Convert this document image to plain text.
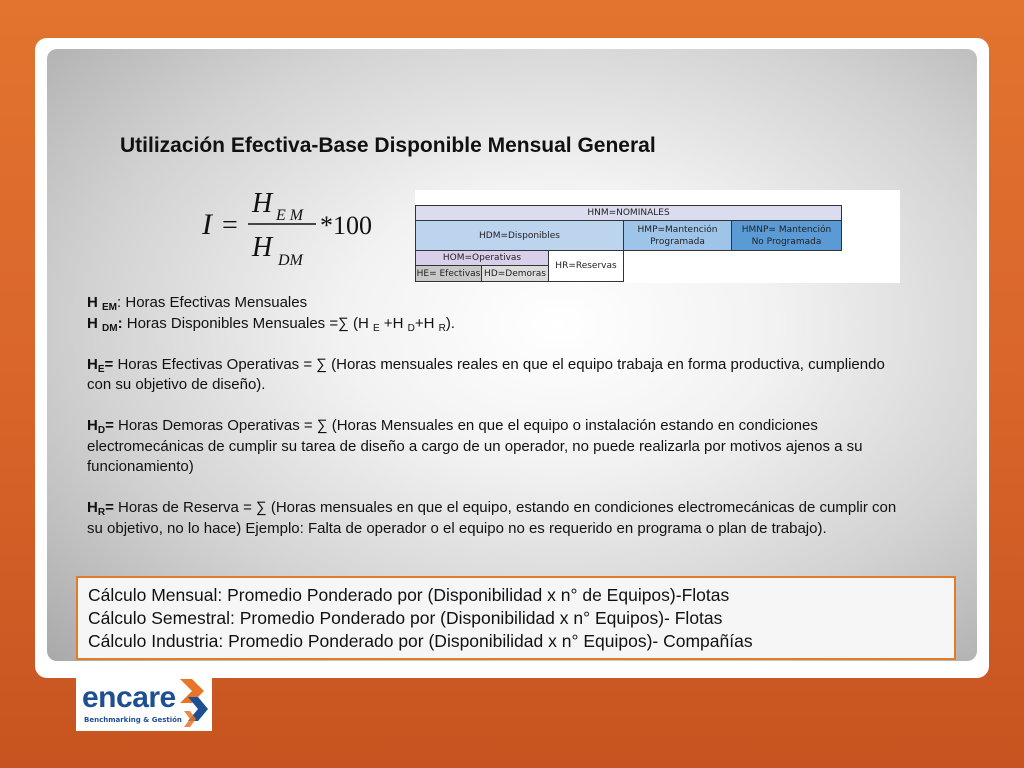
Utilización Efectiva-Base Disponible Mensual General
I =
H E M
H DM
*100	HNM=NOMINALES
HDM=Disponibles
HMP=Mantención
Programada
HMNP= Mantención
No Programada
HOM=Operativas
HR=Reservas
HE= Efectivas HD=Demoras

H $_{EM}$: Horas Efectivas Mensuales

H $_{DM}$: Horas Disponibles Mensuales =∑ (H $_E$ +H $_D$+H $_R$).

$H_E=$ Horas Efectivas Operativas = ∑ (Horas mensuales reales en que el equipo trabaja en forma productiva, cumpliendo con su objetivo de diseño).

$H_D=$ Horas Demoras Operativas = ∑ (Horas Mensuales en que el equipo o instalación estando en condiciones electromecánicas de cumplir su tarea de diseño a cargo de un operador, no puede realizarla por motivos ajenos a su funcionamiento)

$H_R=$ Horas de Reserva = ∑ (Horas mensuales en que el equipo, estando en condiciones electromecánicas de cumplir con su objetivo, no lo hace) Ejemplo: Falta de operador o el equipo no es requerido en programa o plan de trabajo).

Cálculo Mensual: Promedio Ponderado por (Disponibilidad x n° de Equipos)-Flotas
Cálculo Semestral: Promedio Ponderado por (Disponibilidad x n° Equipos)- Flotas
Cálculo Industria: Promedio Ponderado por (Disponibilidad x n° Equipos)- Compañías
encare
Benchmarking & Gestión
